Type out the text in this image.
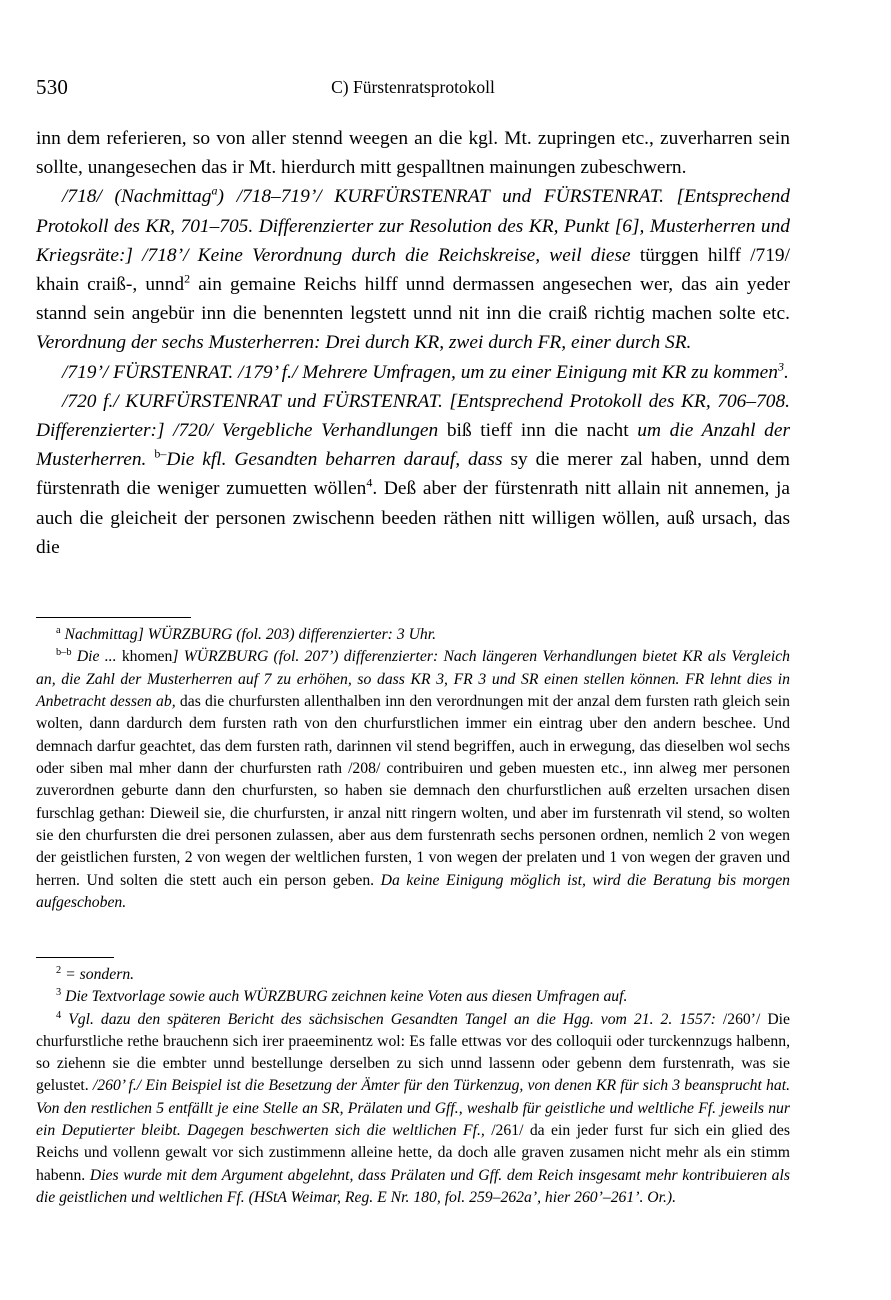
530	C) Fürstenratsprotokoll

inn dem referieren, so von aller stennd weegen an die kgl. Mt. zupringen etc., zuverharren sein sollte, unangesechen das ir Mt. hierdurch mitt gespalltnen mainungen zubeschwern.

/718/ (Nachmittag$^a$) /718–719’/ KURFÜRSTENRAT und FÜRSTENRAT. [Entsprechend Protokoll des KR, 701–705. Differenzierter zur Resolution des KR, Punkt [6], Musterherren und Kriegsräte:] /718’/ Keine Verordnung durch die Reichskreise, weil diese türggen hilff /719/ khain craiß-, unnd$^2$ ain gemaine Reichs hilff unnd dermassen angesechen wer, das ain yeder stannd sein angebür inn die benennten legstett unnd nit inn die craiß richtig machen solte etc. Verordnung der sechs Musterherren: Drei durch KR, zwei durch FR, einer durch SR.

/719’/ FÜRSTENRAT. /179’ f./ Mehrere Umfragen, um zu einer Einigung mit KR zu kommen$^3$.

/720 f./ KURFÜRSTENRAT und FÜRSTENRAT. [Entsprechend Protokoll des KR, 706–708. Differenzierter:] /720/ Vergebliche Verhandlungen biß tieff inn die nacht um die Anzahl der Musterherren. $^{b-}$Die kfl. Gesandten beharren darauf, dass sy die merer zal haben, unnd dem fürstenrath die weniger zumuetten wöllen$^4$. Deß aber der fürstenrath nitt allain nit annemen, ja auch die gleicheit der personen zwischenn beeden räthen nitt willigen wöllen, auß ursach, das die

$^a$ Nachmittag] WÜRZBURG (fol. 203) differenzierter: 3 Uhr.

$^{b-b}$ Die ... khomen] WÜRZBURG (fol. 207’) differenzierter: Nach längeren Verhandlungen bietet KR als Vergleich an, die Zahl der Musterherren auf 7 zu erhöhen, so dass KR 3, FR 3 und SR einen stellen können. FR lehnt dies in Anbetracht dessen ab, das die churfursten allenthalben inn den verordnungen mit der anzal dem fursten rath gleich sein wolten, dann dardurch dem fursten rath von den churfurstlichen immer ein eintrag uber den andern beschee. Und demnach darfur geachtet, das dem fursten rath, darinnen vil stend begriffen, auch in erwegung, das dieselben wol sechs oder siben mal mher dann der churfursten rath /208/ contribuiren und geben muesten etc., inn alweg mer personen zuverordnen geburte dann den churfursten, so haben sie demnach den churfurstlichen auß erzelten ursachen disen furschlag gethan: Dieweil sie, die churfursten, ir anzal nitt ringern wolten, und aber im furstenrath vil stend, so wolten sie den churfursten die drei personen zulassen, aber aus dem furstenrath sechs personen ordnen, nemlich 2 von wegen der geistlichen fursten, 2 von wegen der weltlichen fursten, 1 von wegen der prelaten und 1 von wegen der graven und herren. Und solten die stett auch ein person geben. Da keine Einigung möglich ist, wird die Beratung bis morgen aufgeschoben.

$^2$ = sondern.

$^3$ Die Textvorlage sowie auch WÜRZBURG zeichnen keine Voten aus diesen Umfragen auf.

$^4$ Vgl. dazu den späteren Bericht des sächsischen Gesandten Tangel an die Hgg. vom 21. 2. 1557: /260’/ Die churfurstliche rethe brauchenn sich irer praeeminentz wol: Es falle ettwas vor des colloquii oder turckennzugs halbenn, so ziehenn sie die embter unnd bestellunge derselben zu sich unnd lassenn oder gebenn dem furstenrath, was sie gelustet. /260’ f./ Ein Beispiel ist die Besetzung der Ämter für den Türkenzug, von denen KR für sich 3 beansprucht hat. Von den restlichen 5 entfällt je eine Stelle an SR, Prälaten und Gff., weshalb für geistliche und weltliche Ff. jeweils nur ein Deputierter bleibt. Dagegen beschwerten sich die weltlichen Ff., /261/ da ein jeder furst fur sich ein glied des Reichs und vollenn gewalt vor sich zustimmenn alleine hette, da doch alle graven zusamen nicht mehr als ein stimm habenn. Dies wurde mit dem Argument abgelehnt, dass Prälaten und Gff. dem Reich insgesamt mehr kontribuieren als die geistlichen und weltlichen Ff. (HStA Weimar, Reg. E Nr. 180, fol. 259–262a’, hier 260’–261’. Or.).
